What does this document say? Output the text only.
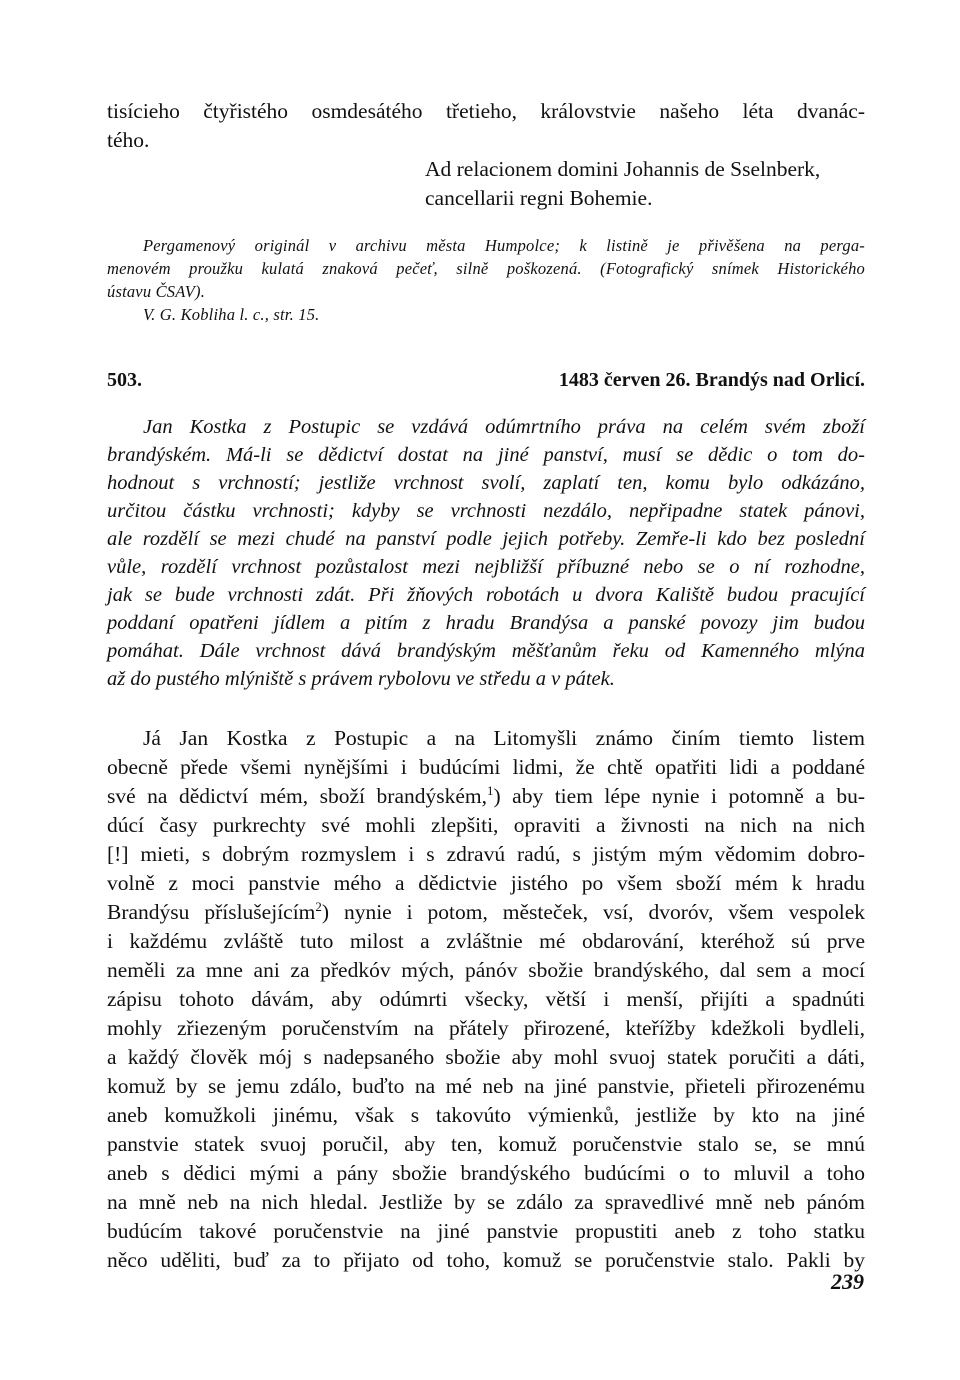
tisícieho čtyřistého osmdesátého třetieho, královstvie našeho léta dvanác-
tého.
Ad relacionem domini Johannis de Sselnberk,
cancellarii regni Bohemie.
Pergamenový originál v archivu města Humpolce; k listině je přivěšena na perga-
menovém proužku kulatá znaková pečeť, silně poškozená. (Fotografický snímek Historického
ústavu ČSAV).
V. G. Kobliha l. c., str. 15.
503.	1483 červen 26. Brandýs nad Orlicí.
Jan Kostka z Postupic se vzdává odúmrtního práva na celém svém zboží
brandýském. Má-li se dědictví dostat na jiné panství, musí se dědic o tom do-
hodnout s vrchností; jestliže vrchnost svolí, zaplatí ten, komu bylo odkázáno,
určitou částku vrchnosti; kdyby se vrchnosti nezdálo, nepřipadne statek pánovi,
ale rozdělí se mezi chudé na panství podle jejich potřeby. Zemře-li kdo bez poslední
vůle, rozdělí vrchnost pozůstalost mezi nejbližší příbuzné nebo se o ní rozhodne,
jak se bude vrchnosti zdát. Při žňových robotách u dvora Kaliště budou pracující
poddaní opatřeni jídlem a pitím z hradu Brandýsa a panské povozy jim budou
pomáhat. Dále vrchnost dává brandýským měšťanům řeku od Kamenného mlýna
až do pustého mlýniště s právem rybolovu ve středu a v pátek.
Já Jan Kostka z Postupic a na Litomyšli známo činím tiemto listem
obecně přede všemi nynějšími i budúcími lidmi, že chtě opatřiti lidi a poddané
své na dědictví mém, sboží brandýském,$^1$) aby tiem lépe nynie i potomně a bu-
dúcí časy purkrechty své mohli zlepšiti, opraviti a živnosti na nich na nich
[!] mieti, s dobrým rozmyslem i s zdravú radú, s jistým mým vědomim dobro-
volně z moci panstvie mého a dědictvie jistého po všem sboží mém k hradu
Brandýsu příslušejícím$^2$) nynie i potom, městeček, vsí, dvoróv, všem vespolek
i každému zvláště tuto milost a zvláštnie mé obdarování, kteréhož sú prve
neměli za mne ani za předkóv mých, pánóv sbožie brandýského, dal sem a mocí
zápisu tohoto dávám, aby odúmrti všecky, větší i menší, přijíti a spadnúti
mohly zřiezeným poručenstvím na přátely přirozené, kteřížby kdežkoli bydleli,
a každý člověk mój s nadepsaného sbožie aby mohl svuoj statek poručiti a dáti,
komuž by se jemu zdálo, buďto na mé neb na jiné panstvie, přieteli přirozenému
aneb komužkoli jinému, však s takovúto výmienků, jestliže by kto na jiné
panstvie statek svuoj poručil, aby ten, komuž poručenstvie stalo se, se mnú
aneb s dědici mými a pány sbožie brandýského budúcími o to mluvil a toho
na mně neb na nich hledal. Jestliže by se zdálo za spravedlivé mně neb pánóm
budúcím takové poručenstvie na jiné panstvie propustiti aneb z toho statku
něco uděliti, buď za to přijato od toho, komuž se poručenstvie stalo. Pakli by
239
